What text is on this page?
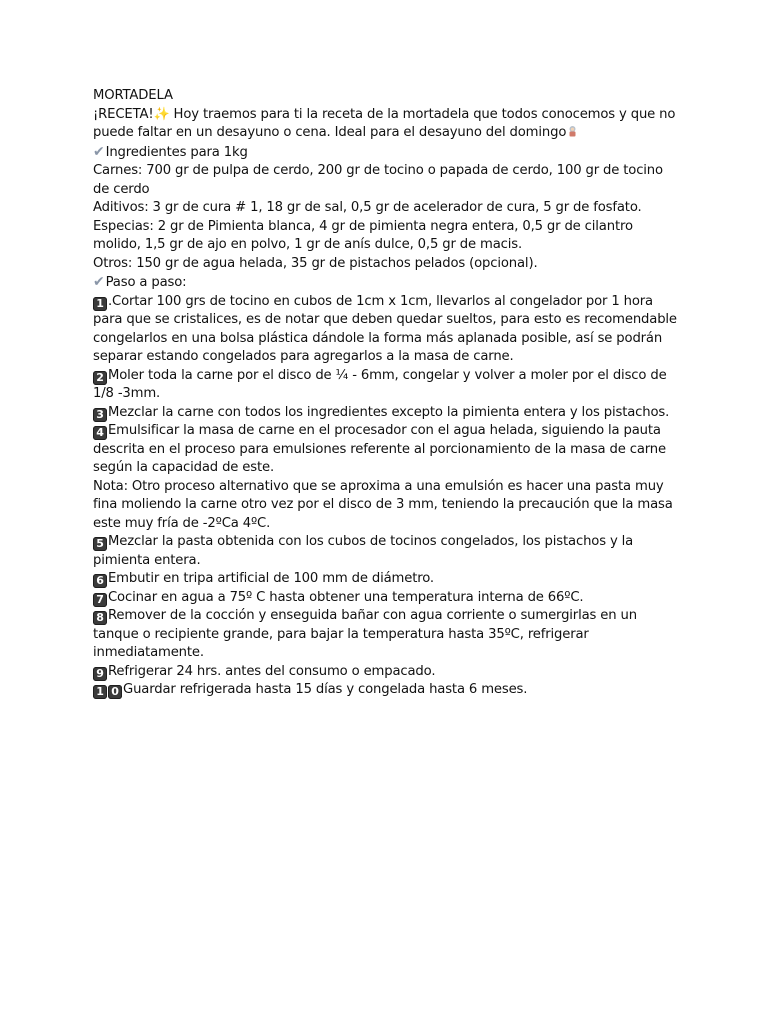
MORTADELA
¡RECETA!✨ Hoy traemos para ti la receta de la mortadela que todos conocemos y que no puede faltar en un desayuno o cena. Ideal para el desayuno del domingo
✔Ingredientes para 1kg
Carnes: 700 gr de pulpa de cerdo, 200 gr de tocino o papada de cerdo, 100 gr de tocino de cerdo
Aditivos: 3 gr de cura # 1, 18 gr de sal, 0,5 gr de acelerador de cura, 5 gr de fosfato.
Especias: 2 gr de Pimienta blanca, 4 gr de pimienta negra entera, 0,5 gr de cilantro molido, 1,5 gr de ajo en polvo, 1 gr de anís dulce, 0,5 gr de macis.
Otros: 150 gr de agua helada, 35 gr de pistachos pelados (opcional).
✔Paso a paso:
1 .Cortar 100 grs de tocino en cubos de 1cm x 1cm, llevarlos al congelador por 1 hora para que se cristalices, es de notar que deben quedar sueltos, para esto es recomendable congelarlos en una bolsa plástica dándole la forma más aplanada posible, así se podrán separar estando congelados para agregarlos a la masa de carne.
2 Moler toda la carne por el disco de ¼ - 6mm, congelar y volver a moler por el disco de 1/8 -3mm.
3 Mezclar la carne con todos los ingredientes excepto la pimienta entera y los pistachos.
4 Emulsificar la masa de carne en el procesador con el agua helada, siguiendo la pauta descrita en el proceso para emulsiones referente al porcionamiento de la masa de carne según la capacidad de este.
Nota: Otro proceso alternativo que se aproxima a una emulsión es hacer una pasta muy fina moliendo la carne otro vez por el disco de 3 mm, teniendo la precaución que la masa este muy fría de -2ºCa 4ºC.
5 Mezclar la pasta obtenida con los cubos de tocinos congelados, los pistachos y la pimienta entera.
6 Embutir en tripa artificial de 100 mm de diámetro.
7 Cocinar en agua a 75º C hasta obtener una temperatura interna de 66ºC.
8 Remover de la cocción y enseguida bañar con agua corriente o sumergirlas en un tanque o recipiente grande, para bajar la temperatura hasta 35ºC, refrigerar inmediatamente.
9 Refrigerar 24 hrs. antes del consumo o empacado.
1 0 Guardar refrigerada hasta 15 días y congelada hasta 6 meses.
